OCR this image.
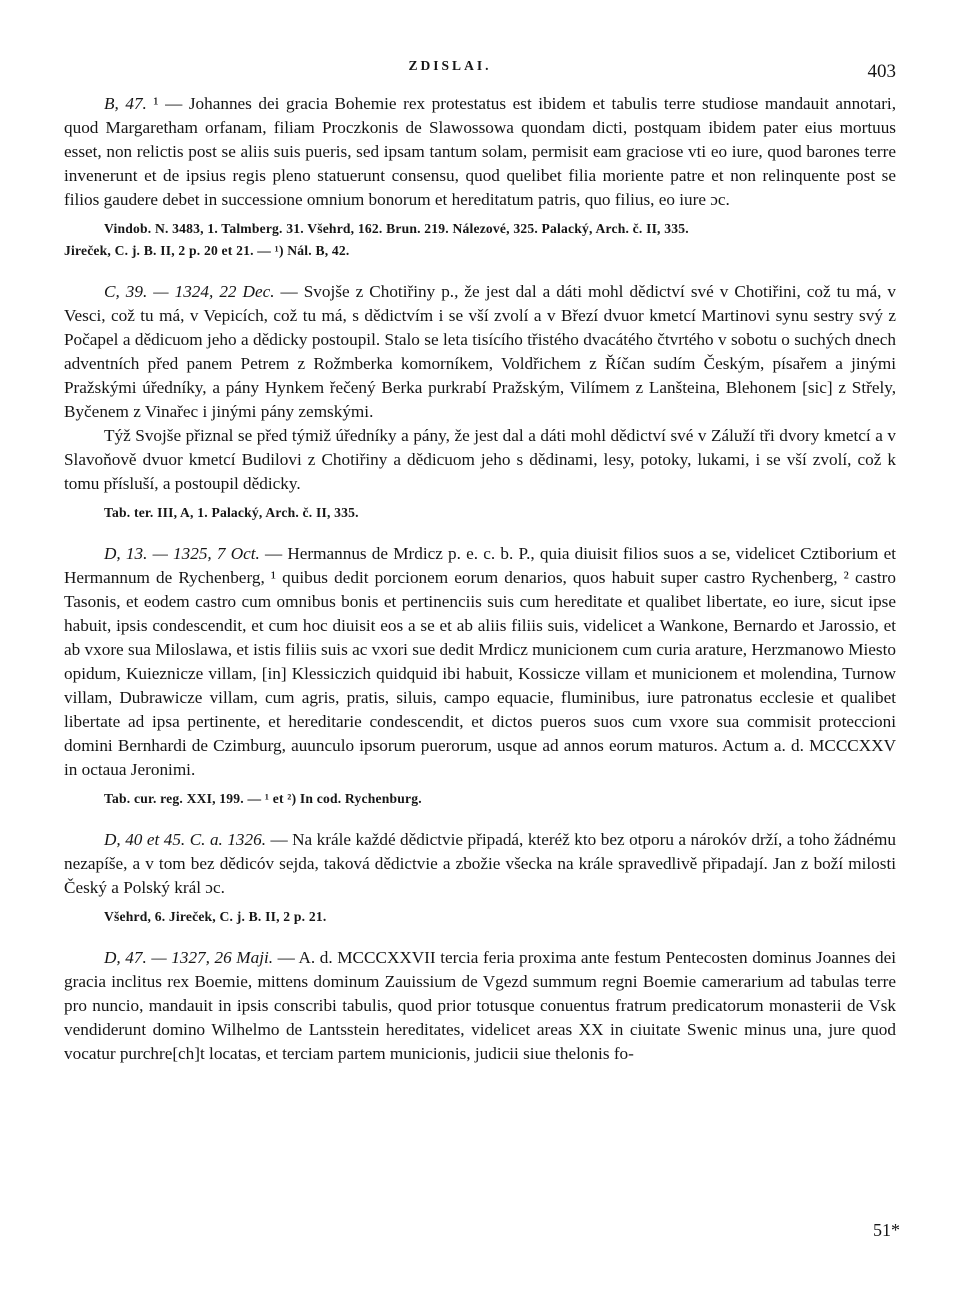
ZDISLAI.	403

B, 47. ¹ — Johannes dei gracia Bohemie rex protestatus est ibidem et tabulis terre studiose mandauit annotari, quod Margaretham orfanam, filiam Proczkonis de Slawossowa quondam dicti, postquam ibidem pater eius mortuus esset, non relictis post se aliis suis pueris, sed ipsam tantum solam, permisit eam graciose vti eo iure, quod barones terre invenerunt et de ipsius regis pleno statuerunt consensu, quod quelibet filia moriente patre et non relinquente post se filios gaudere debet in successione omnium bonorum et hereditatum patris, quo filius, eo iure ɔc.

Vindob. N. 3483, 1. Talmberg. 31. Všehrd, 162. Brun. 219. Nálezové, 325. Palacký, Arch. č. II, 335.
Jireček, C. j. B. II, 2 p. 20 et 21. — ¹) Nál. B, 42.

C, 39. — 1324, 22 Dec. — Svojše z Chotiřiny p., že jest dal a dáti mohl dědictví své v Chotiřini, což tu má, v Vesci, což tu má, v Vepicích, což tu má, s dědictvím i se vší zvolí a v Březí dvuor kmetcí Martinovi synu sestry svý z Počapel a dědicuom jeho a dědicky postoupil. Stalo se leta tisícího třistého dvacátého čtvrtého v sobotu o suchých dnech adventních před panem Petrem z Rožmberka komorníkem, Voldřichem z Říčan sudím Českým, písařem a jinými Pražskými úředníky, a pány Hynkem řečený Berka purkrabí Pražským, Vilímem z Lanšteina, Blehonem [sic] z Střely, Byčenem z Vinařec i jinými pány zemskými.

Týž Svojše přiznal se před týmiž úředníky a pány, že jest dal a dáti mohl dědictví své v Záluží tři dvory kmetcí a v Slavoňově dvuor kmetcí Budilovi z Chotiřiny a dědicuom jeho s dědinami, lesy, potoky, lukami, i se vší zvolí, což k tomu přísluší, a postoupil dědicky.

Tab. ter. III, A, 1. Palacký, Arch. č. II, 335.

D, 13. — 1325, 7 Oct. — Hermannus de Mrdicz p. e. c. b. P., quia diuisit filios suos a se, videlicet Cztiborium et Hermannum de Rychenberg, ¹ quibus dedit porcionem eorum denarios, quos habuit super castro Rychenberg, ² castro Tasonis, et eodem castro cum omnibus bonis et pertinenciis suis cum hereditate et qualibet libertate, eo iure, sicut ipse habuit, ipsis condescendit, et cum hoc diuisit eos a se et ab aliis filiis suis, videlicet a Wankone, Bernardo et Jarossio, et ab vxore sua Miloslawa, et istis filiis suis ac vxori sue dedit Mrdicz municionem cum curia arature, Herzmanowo Miesto opidum, Kuieznicze villam, [in] Klessiczich quidquid ibi habuit, Kossicze villam et municionem et molendina, Turnow villam, Dubrawicze villam, cum agris, pratis, siluis, campo equacie, fluminibus, iure patronatus ecclesie et qualibet libertate ad ipsa pertinente, et hereditarie condescendit, et dictos pueros suos cum vxore sua commisit proteccioni domini Bernhardi de Czimburg, auunculo ipsorum puerorum, usque ad annos eorum maturos. Actum a. d. MCCCXXV in octaua Jeronimi.

Tab. cur. reg. XXI, 199. — ¹ et ²) In cod. Rychenburg.

D, 40 et 45. C. a. 1326. — Na krále každé dědictvie připadá, kteréž kto bez otporu a nárokóv drží, a toho žádnému nezapíše, a v tom bez dědicóv sejda, taková dědictvie a zbožie všecka na krále spravedlivě připadají. Jan z boží milosti Český a Polský král ɔc.

Všehrd, 6. Jireček, C. j. B. II, 2 p. 21.

D, 47. — 1327, 26 Maji. — A. d. MCCCXXVII tercia feria proxima ante festum Pentecosten dominus Joannes dei gracia inclitus rex Boemie, mittens dominum Zauissium de Vgezd summum regni Boemie camerarium ad tabulas terre pro nuncio, mandauit in ipsis conscribi tabulis, quod prior totusque conuentus fratrum predicatorum monasterii de Vsk vendiderunt domino Wilhelmo de Lantsstein hereditates, videlicet areas XX in ciuitate Swenic minus una, jure quod vocatur purchre[ch]t locatas, et terciam partem municionis, judicii siue thelonis fo-

51*
